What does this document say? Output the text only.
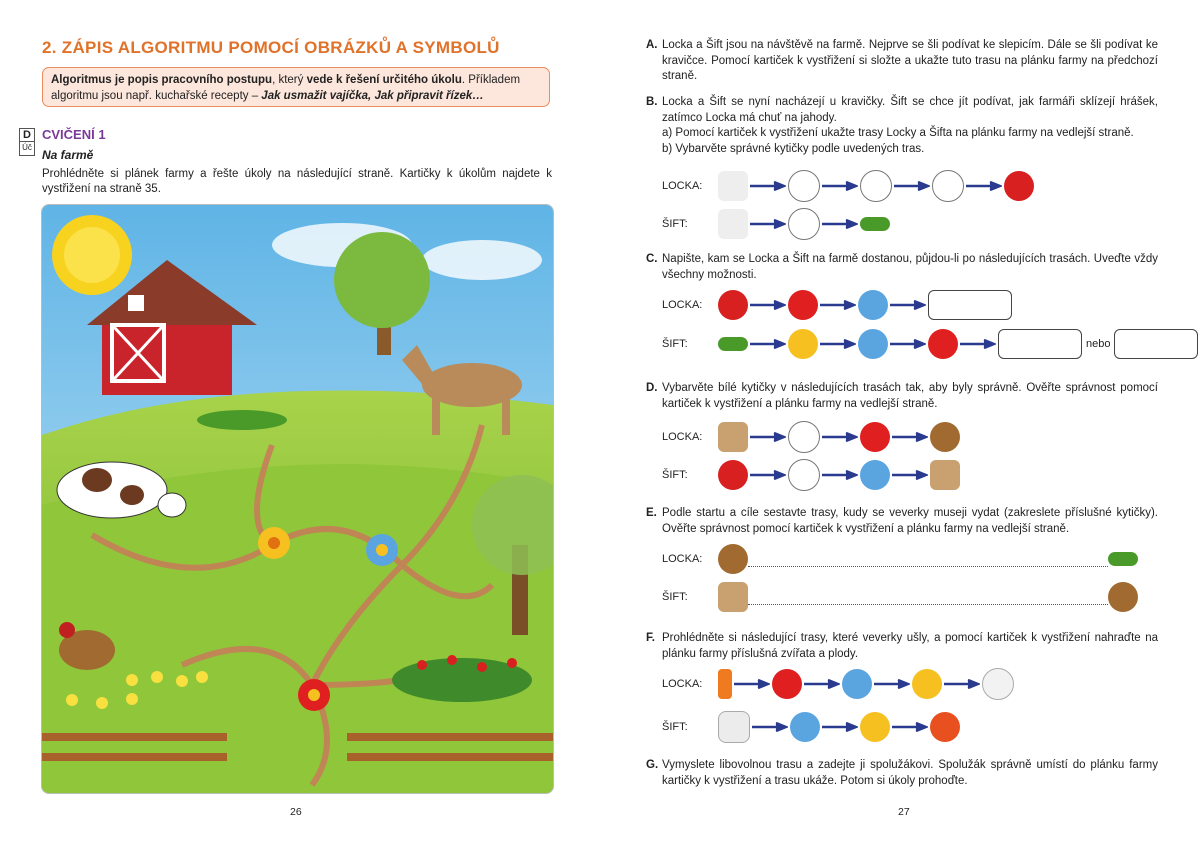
2. ZÁPIS ALGORITMU POMOCÍ OBRÁZKŮ A SYMBOLŮ
Algoritmus je popis pracovního postupu, který vede k řešení určitého úkolu. Příkladem algoritmu jsou např. kuchařské recepty – Jak usmažit vajíčka, Jak připravit řízek…
D
Úč
CVIČENÍ 1
Na farmě
Prohlédněte si plánek farmy a řešte úkoly na následující straně. Kartičky k úkolům najdete k vystřižení na straně 35.
26
A. Locka a Šift jsou na návštěvě na farmě. Nejprve se šli podívat ke slepicím. Dále se šli podívat ke kravičce. Pomocí kartiček k vystřižení si složte a ukažte tuto trasu na plánku farmy na předchozí straně.
B. Locka a Šift se nyní nacházejí u kravičky. Šift se chce jít podívat, jak farmáři sklízejí hrášek, zatímco Locka má chuť na jahody.
a) Pomocí kartiček k vystřižení ukažte trasy Locky a Šifta na plánku farmy na vedlejší straně.
b) Vybarvěte správné kytičky podle uvedených tras.
LOCKA:
ŠIFT:
C. Napište, kam se Locka a Šift na farmě dostanou, půjdou-li po následujících trasách. Uveďte vždy všechny možnosti.
LOCKA:
ŠIFT:	nebo
D. Vybarvěte bílé kytičky v následujících trasách tak, aby byly správně. Ověřte správnost pomocí kartiček k vystřižení a plánku farmy na vedlejší straně.
LOCKA:
ŠIFT:
E. Podle startu a cíle sestavte trasy, kudy se veverky museji vydat (zakreslete příslušné kytičky). Ověřte správnost pomocí kartiček k vystřižení a plánku farmy na vedlejší straně.
LOCKA:
ŠIFT:
F. Prohlédněte si následující trasy, které veverky ušly, a pomocí kartiček k vystřižení nahraďte na plánku farmy příslušná zvířata a plody.
LOCKA:
ŠIFT:
G. Vymyslete libovolnou trasu a zadejte ji spolužákovi. Spolužák správně umístí do plánku farmy kartičky k vystřižení a trasu ukáže. Potom si úkoly prohoďte.
27
